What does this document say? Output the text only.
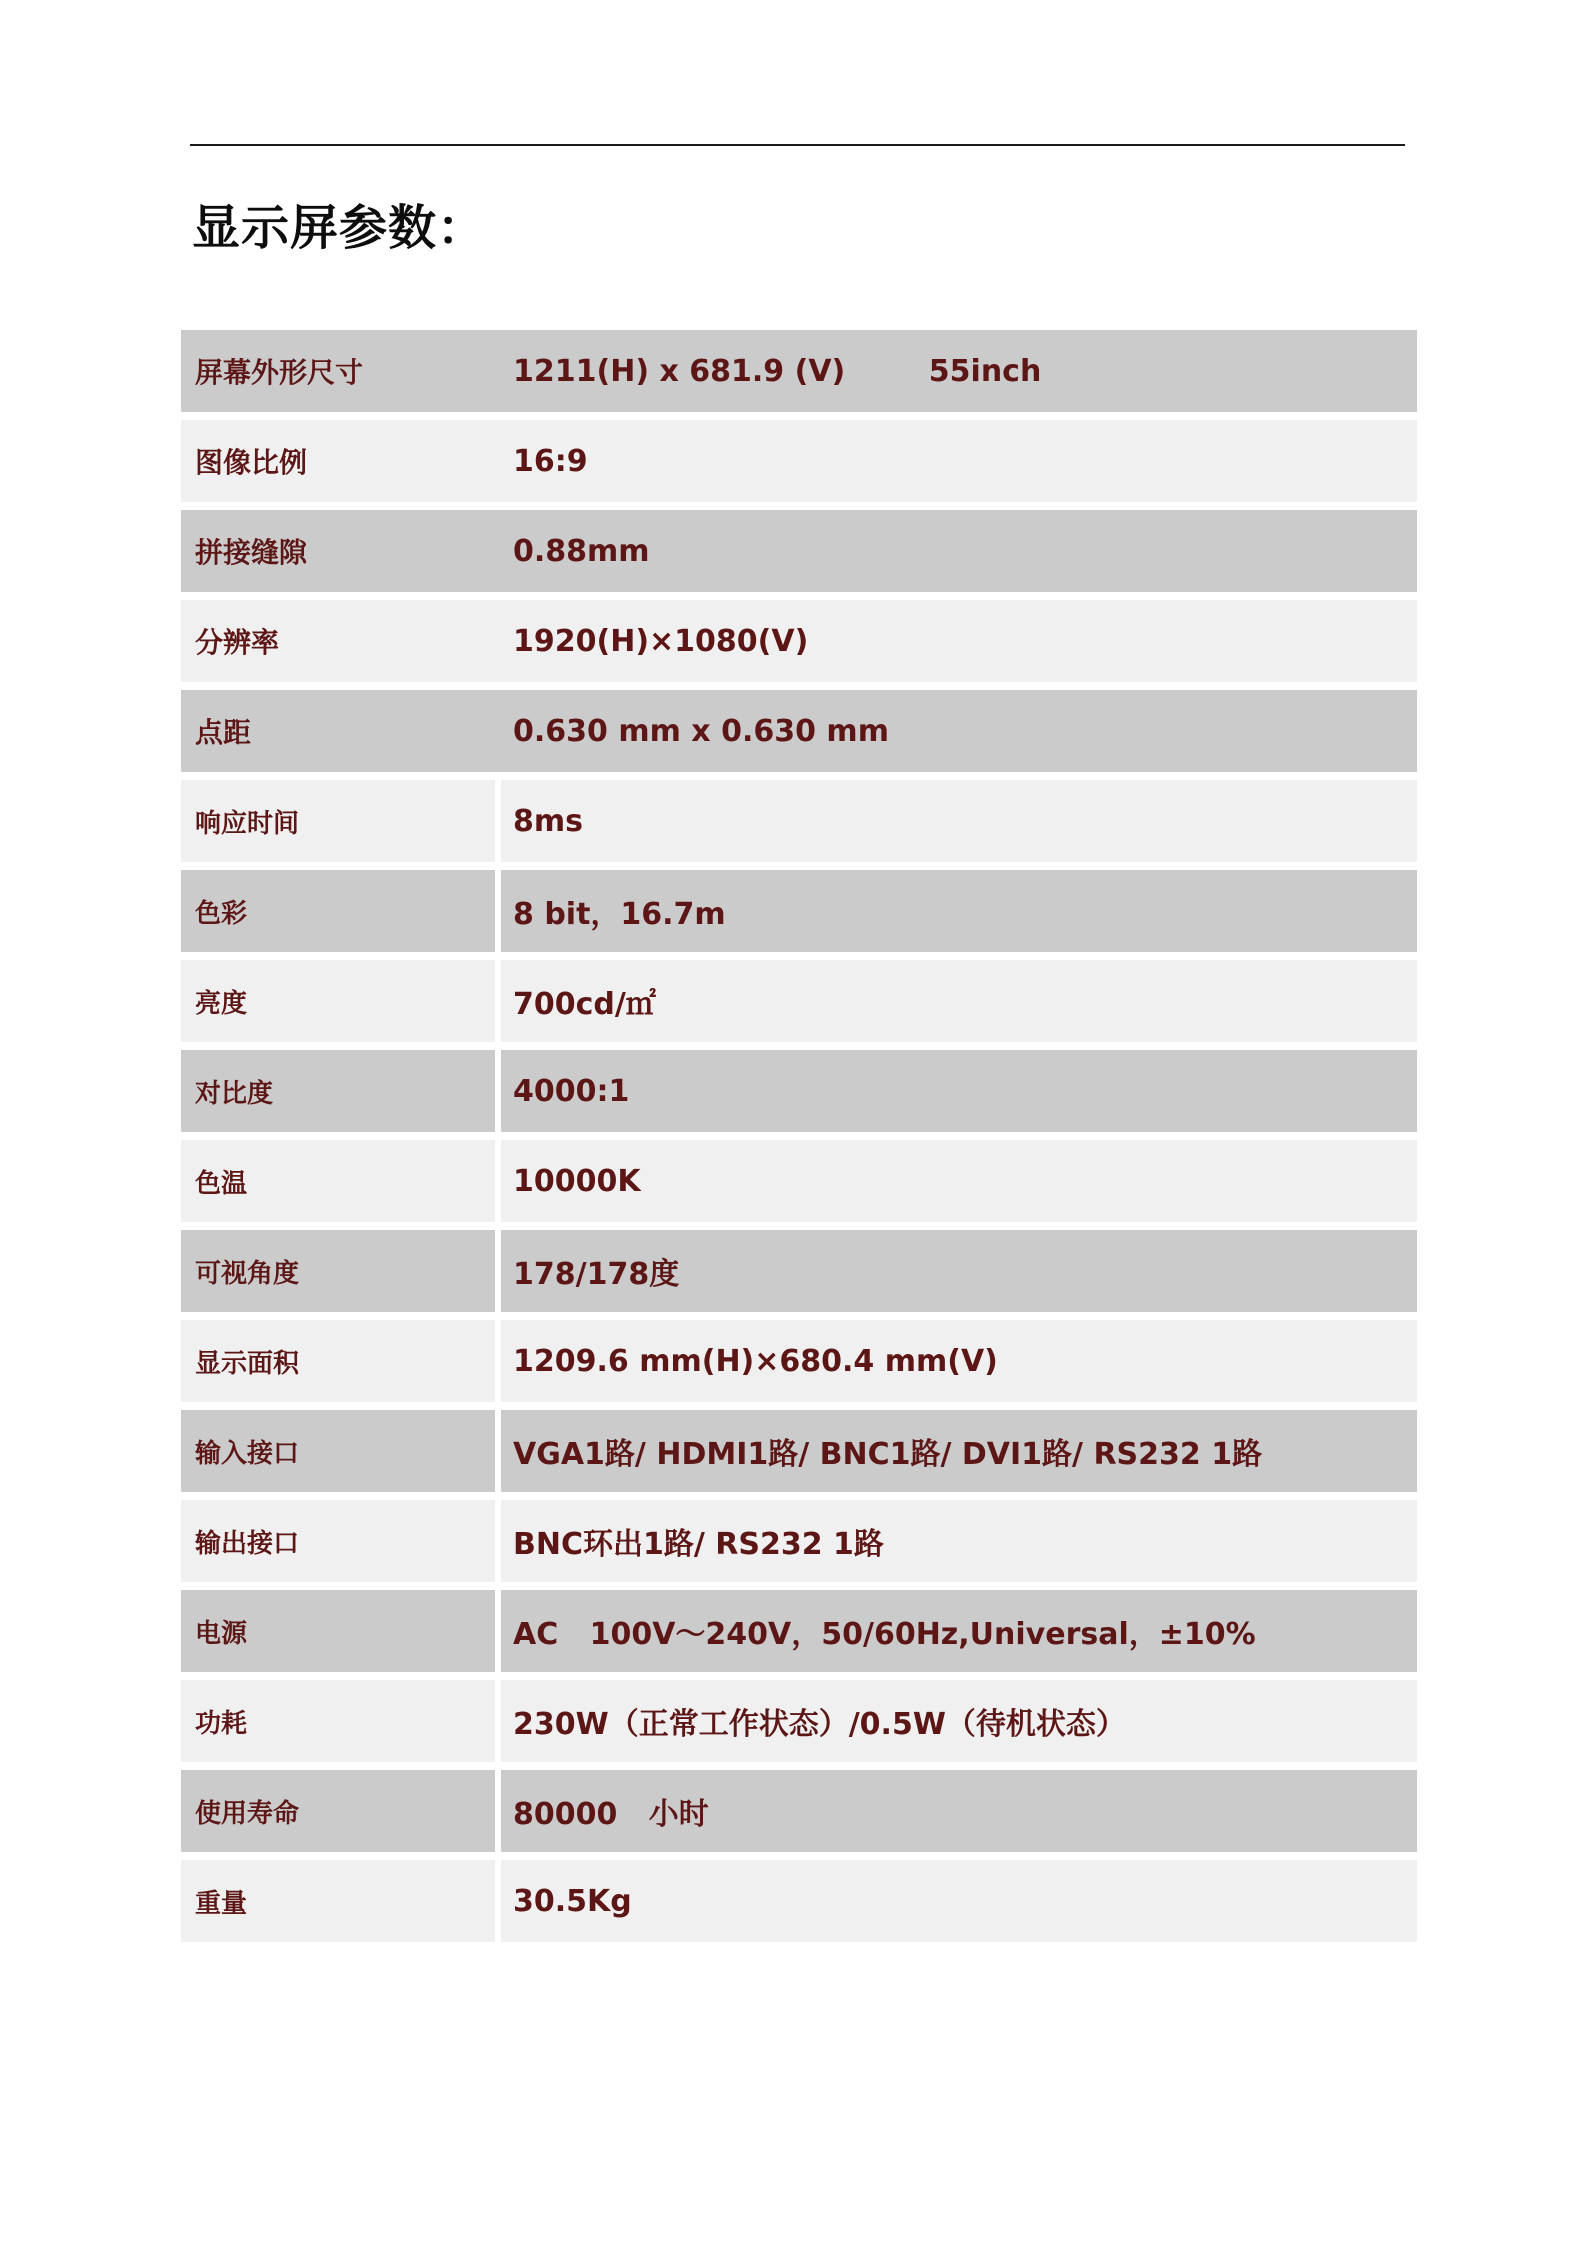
显示屏参数：
屏幕外形尺寸	1211(H) x 681.9 (V)        55inch
图像比例	16:9
拼接缝隙	0.88mm
分辨率	1920(H)×1080(V)
点距	0.630 mm x 0.630 mm
响应时间	8ms
色彩	8 bit，16.7m
亮度	700cd/㎡
对比度	4000:1
色温	10000K
可视角度	178/178度
显示面积	1209.6 mm(H)×680.4 mm(V)
输入接口	VGA1路/ HDMI1路/ BNC1路/ DVI1路/ RS232 1路
输出接口	BNC环出1路/ RS232 1路
电源	AC   100V～240V，50/60Hz,Universal，±10%
功耗	230W（正常工作状态）/0.5W（待机状态）
使用寿命	80000   小时
重量	30.5Kg
